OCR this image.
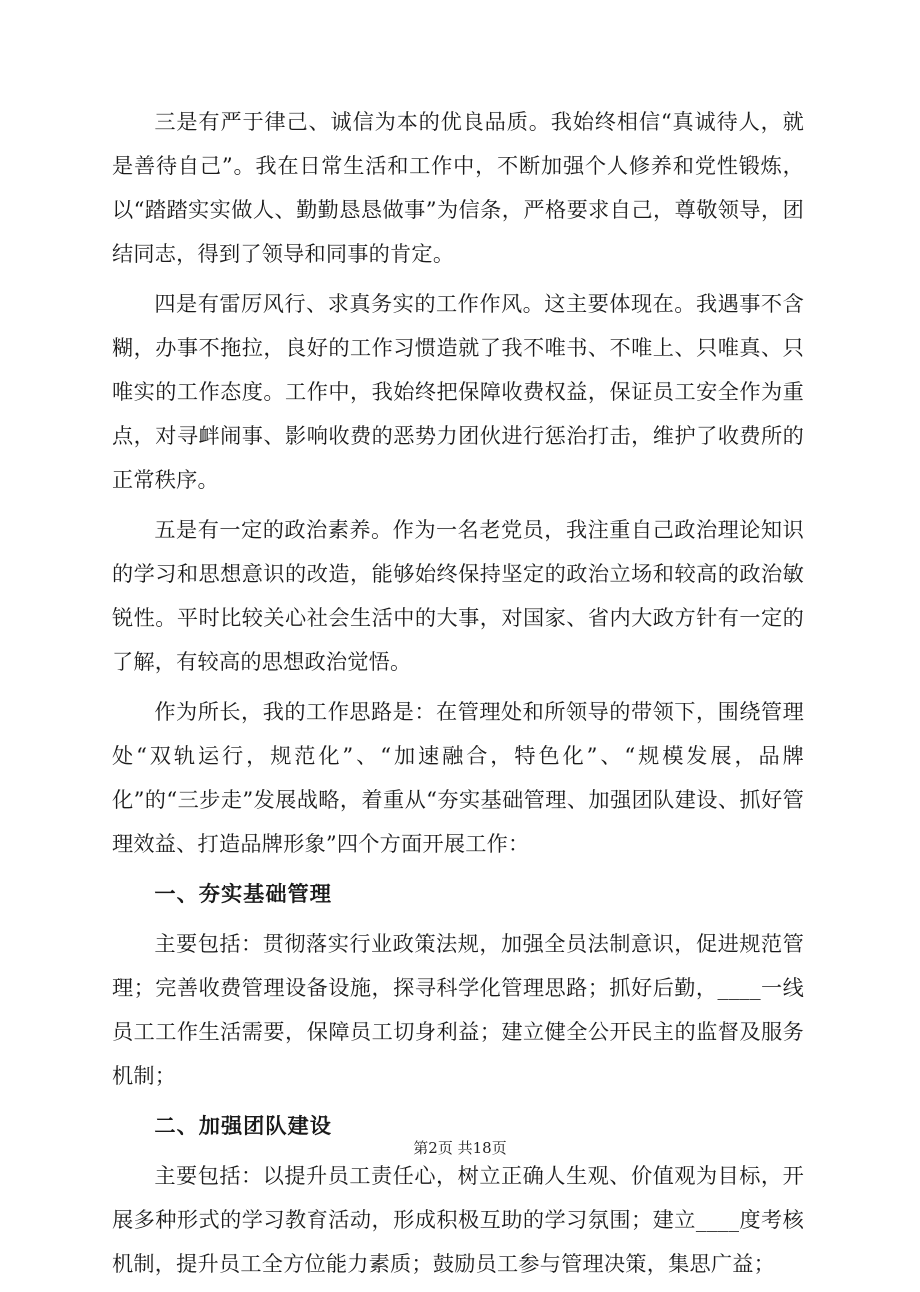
三是有严于律己、诚信为本的优良品质。我始终相信“真诚待人，就是善待自己”。我在日常生活和工作中，不断加强个人修养和党性锻炼，以“踏踏实实做人、勤勤恳恳做事”为信条，严格要求自己，尊敬领导，团结同志，得到了领导和同事的肯定。

四是有雷厉风行、求真务实的工作作风。这主要体现在。我遇事不含糊，办事不拖拉，良好的工作习惯造就了我不唯书、不唯上、只唯真、只唯实的工作态度。工作中，我始终把保障收费权益，保证员工安全作为重点，对寻衅闹事、影响收费的恶势力团伙进行惩治打击，维护了收费所的正常秩序。

五是有一定的政治素养。作为一名老党员，我注重自己政治理论知识的学习和思想意识的改造，能够始终保持坚定的政治立场和较高的政治敏锐性。平时比较关心社会生活中的大事，对国家、省内大政方针有一定的了解，有较高的思想政治觉悟。

作为所长，我的工作思路是：在管理处和所领导的带领下，围绕管理处“双轨运行，规范化”、“加速融合，特色化”、“规模发展，品牌化”的“三步走”发展战略，着重从“夯实基础管理、加强团队建设、抓好管理效益、打造品牌形象”四个方面开展工作：

一、夯实基础管理

主要包括：贯彻落实行业政策法规，加强全员法制意识，促进规范管理；完善收费管理设备设施，探寻科学化管理思路；抓好后勤，____一线员工工作生活需要，保障员工切身利益；建立健全公开民主的监督及服务机制；

二、加强团队建设

主要包括：以提升员工责任心，树立正确人生观、价值观为目标，开展多种形式的学习教育活动，形成积极互助的学习氛围；建立____度考核机制，提升员工全方位能力素质；鼓励员工参与管理决策，集思广益；

第2页 共18页
